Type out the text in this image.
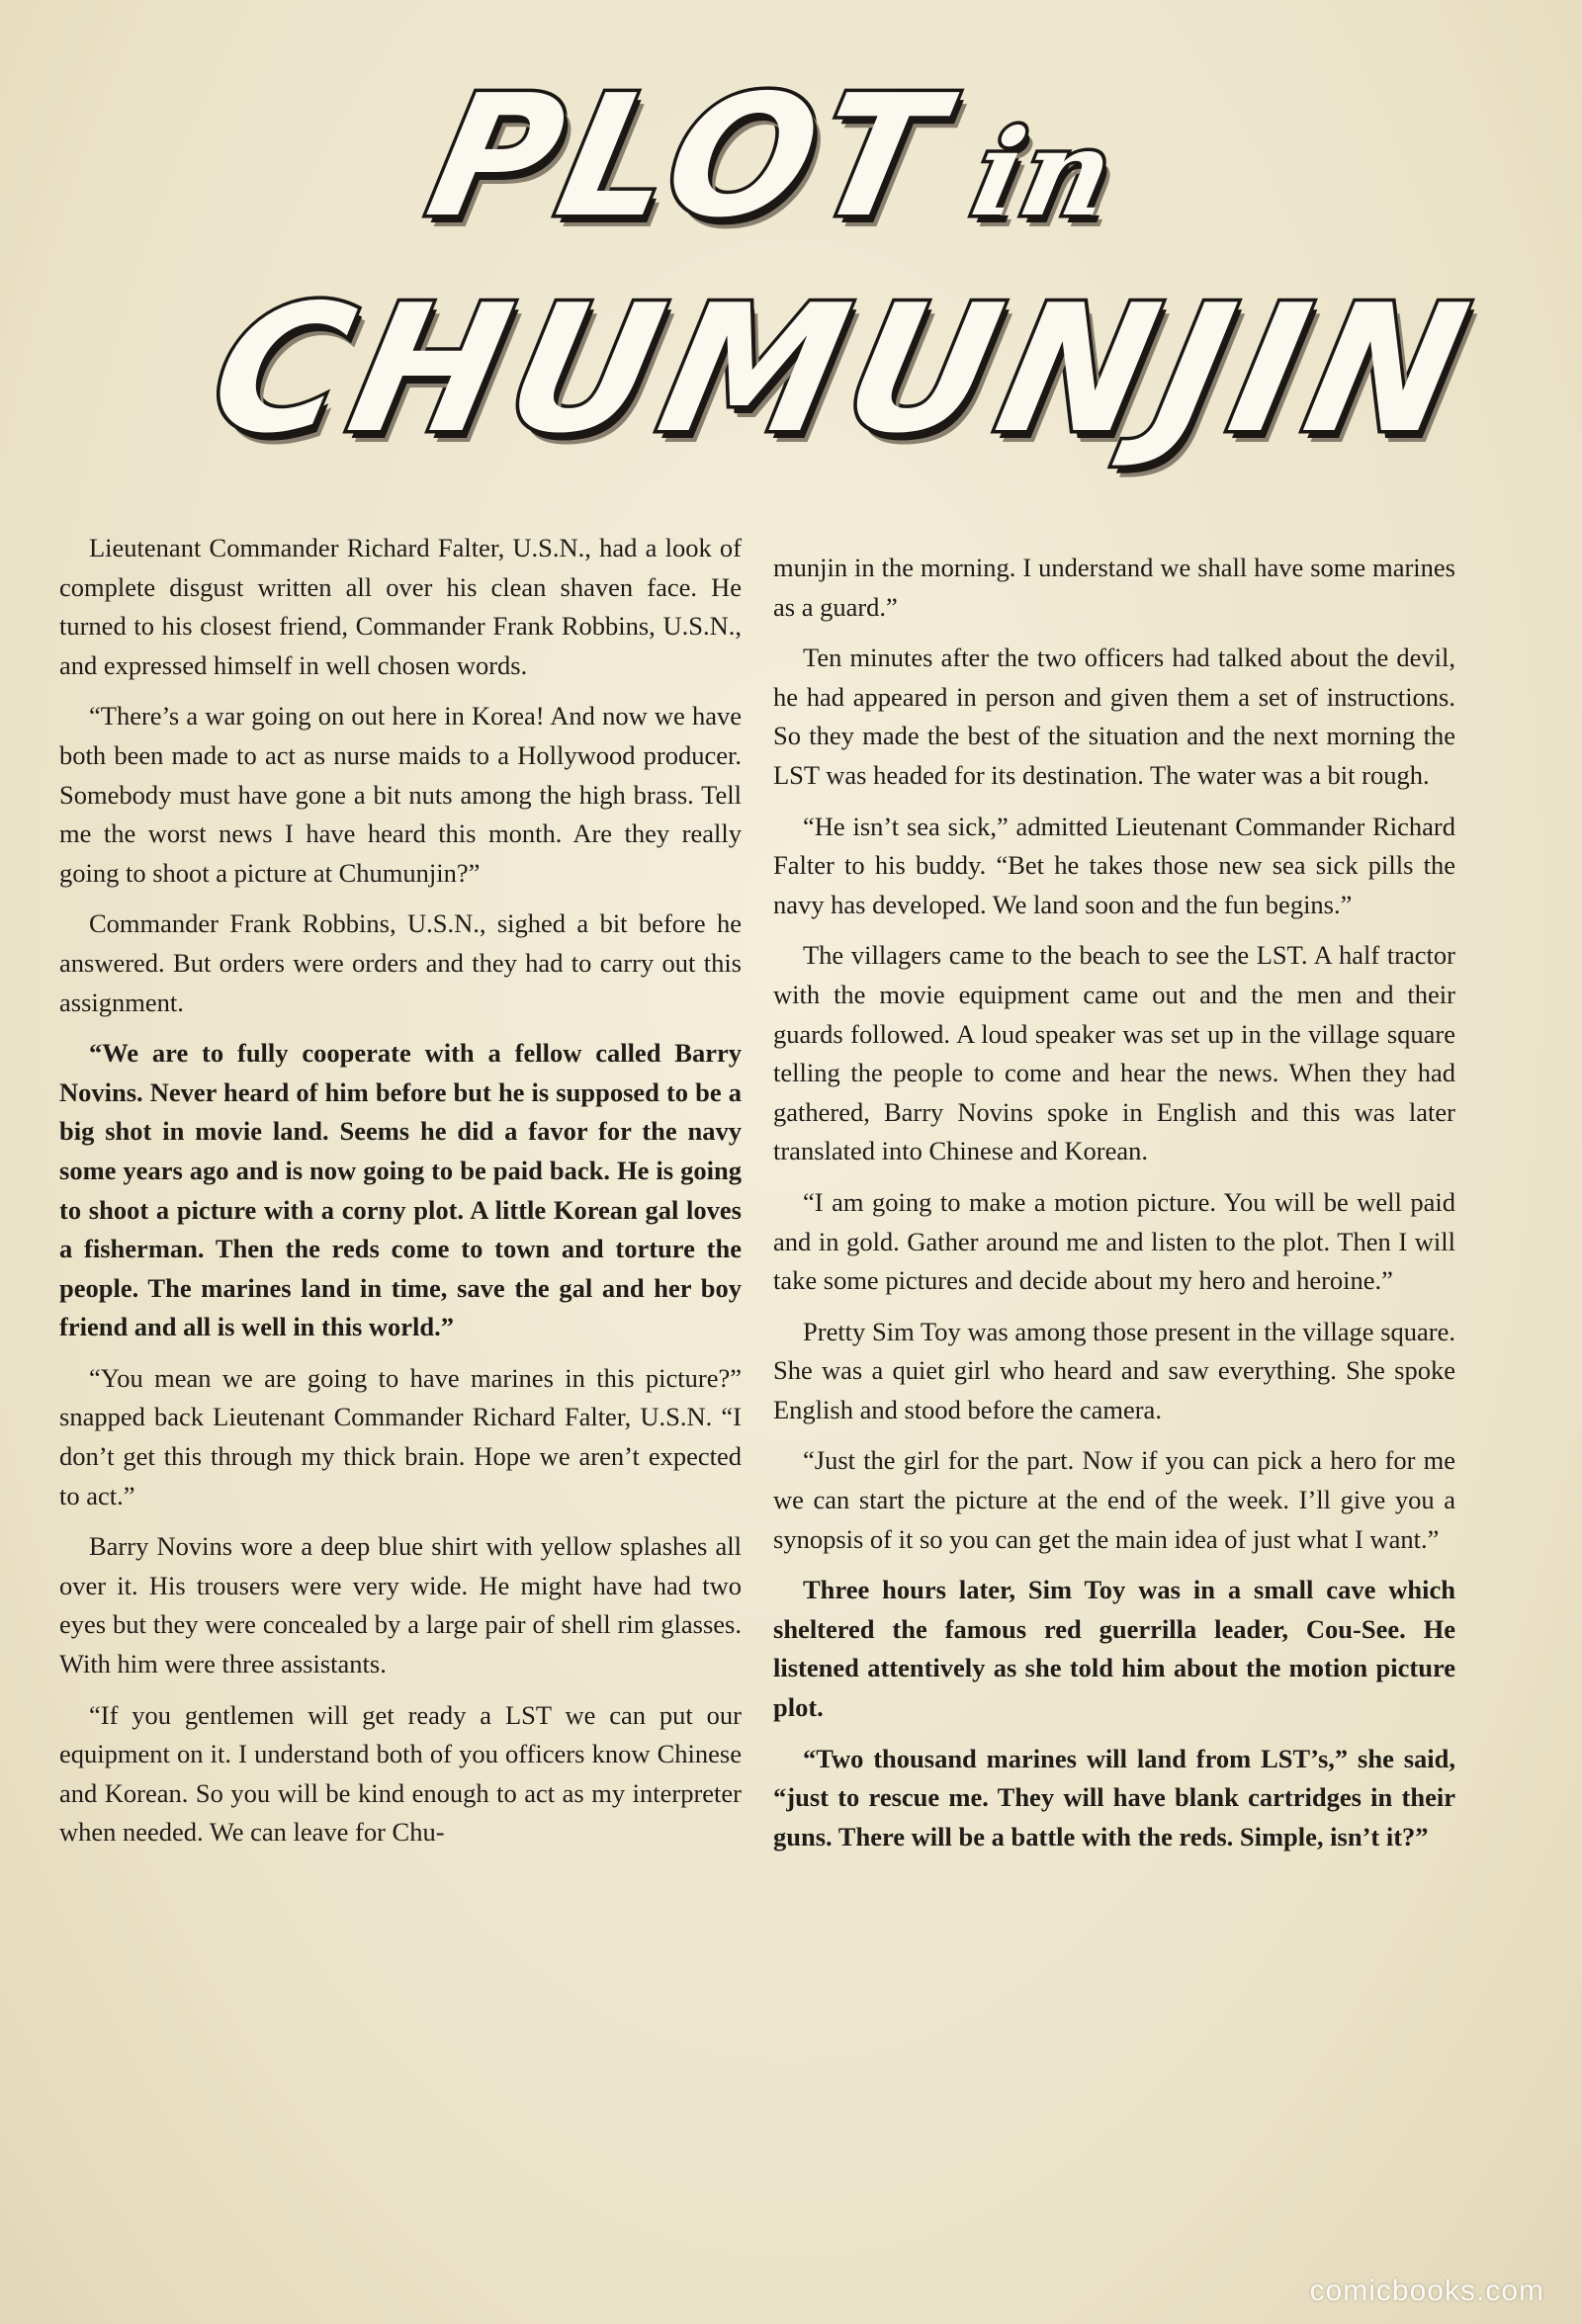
PLOTin
CHUMUNJIN

Lieutenant Commander Richard Falter, U.S.N., had a look of complete disgust written all over his clean shaven face. He turned to his closest friend, Commander Frank Robbins, U.S.N., and expressed himself in well chosen words.

“There’s a war going on out here in Korea! And now we have both been made to act as nurse maids to a Hollywood producer. Somebody must have gone a bit nuts among the high brass. Tell me the worst news I have heard this month. Are they really going to shoot a picture at Chumunjin?”

Commander Frank Robbins, U.S.N., sighed a bit before he answered. But orders were orders and they had to carry out this assignment.

“We are to fully cooperate with a fellow called Barry Novins. Never heard of him before but he is supposed to be a big shot in movie land. Seems he did a favor for the navy some years ago and is now going to be paid back. He is going to shoot a picture with a corny plot. A little Korean gal loves a fisherman. Then the reds come to town and torture the people. The marines land in time, save the gal and her boy friend and all is well in this world.”

“You mean we are going to have marines in this picture?” snapped back Lieutenant Commander Richard Falter, U.S.N. “I don’t get this through my thick brain. Hope we aren’t expected to act.”

Barry Novins wore a deep blue shirt with yellow splashes all over it. His trousers were very wide. He might have had two eyes but they were concealed by a large pair of shell rim glasses. With him were three assistants.

“If you gentlemen will get ready a LST we can put our equipment on it. I understand both of you officers know Chinese and Korean. So you will be kind enough to act as my interpreter when needed. We can leave for Chu-

munjin in the morning. I understand we shall have some marines as a guard.”

Ten minutes after the two officers had talked about the devil, he had appeared in person and given them a set of instructions. So they made the best of the situation and the next morning the LST was headed for its destination. The water was a bit rough.

“He isn’t sea sick,” admitted Lieutenant Commander Richard Falter to his buddy. “Bet he takes those new sea sick pills the navy has developed. We land soon and the fun begins.”

The villagers came to the beach to see the LST. A half tractor with the movie equipment came out and the men and their guards followed. A loud speaker was set up in the village square telling the people to come and hear the news. When they had gathered, Barry Novins spoke in English and this was later translated into Chinese and Korean.

“I am going to make a motion picture. You will be well paid and in gold. Gather around me and listen to the plot. Then I will take some pictures and decide about my hero and heroine.”

Pretty Sim Toy was among those present in the village square. She was a quiet girl who heard and saw everything. She spoke English and stood before the camera.

“Just the girl for the part. Now if you can pick a hero for me we can start the picture at the end of the week. I’ll give you a synopsis of it so you can get the main idea of just what I want.”

Three hours later, Sim Toy was in a small cave which sheltered the famous red guerrilla leader, Cou-See. He listened attentively as she told him about the motion picture plot.

“Two thousand marines will land from LST’s,” she said, “just to rescue me. They will have blank cartridges in their guns. There will be a battle with the reds. Simple, isn’t it?”

comicbooks.com
